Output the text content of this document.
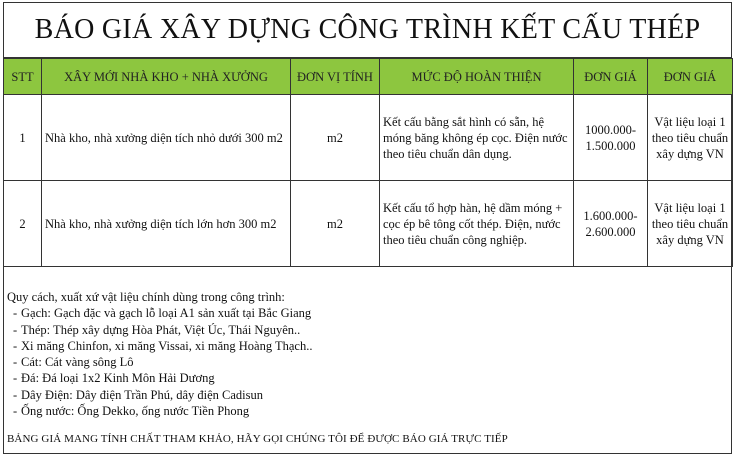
BÁO GIÁ XÂY DỰNG CÔNG TRÌNH KẾT CẤU THÉP
STT	XÂY MỚI NHÀ KHO + NHÀ XƯỞNG	ĐƠN VỊ TÍNH	MỨC ĐỘ HOÀN THIỆN	ĐƠN GIÁ	ĐƠN GIÁ
1	Nhà kho, nhà xưởng diện tích nhỏ dưới 300 m2	m2	Kết cấu bằng sắt hình có sẵn, hệ móng băng không ép cọc. Điện nước theo tiêu chuẩn dân dụng.	1000.000-1.500.000	Vật liệu loại 1 theo tiêu chuẩn xây dựng VN
2	Nhà kho, nhà xưởng diện tích lớn hơn 300 m2	m2	Kết cấu tổ hợp hàn, hệ dầm móng + cọc ép bê tông cốt thép. Điện, nước theo tiêu chuẩn công nghiệp.	1.600.000-2.600.000	Vật liệu loại 1 theo tiêu chuẩn xây dựng VN
Quy cách, xuất xứ vật liệu chính dùng trong công trình:
- Gạch: Gạch đặc và gạch lỗ loại A1 sản xuất tại Bắc Giang
- Thép: Thép xây dựng Hòa Phát, Việt Úc, Thái Nguyên..
- Xi măng Chinfon, xi măng Vissai, xi măng Hoàng Thạch..
- Cát: Cát vàng sông Lô
- Đá: Đá loại 1x2 Kinh Môn Hải Dương
- Dây Điện: Dây điện Trần Phú, dây điện Cadisun
- Ống nước: Ống Dekko, ống nước Tiền Phong
BẢNG GIÁ MANG TÍNH CHẤT THAM KHẢO, HÃY GỌI CHÚNG TÔI ĐỂ ĐƯỢC BÁO GIÁ TRỰC TIẾP
